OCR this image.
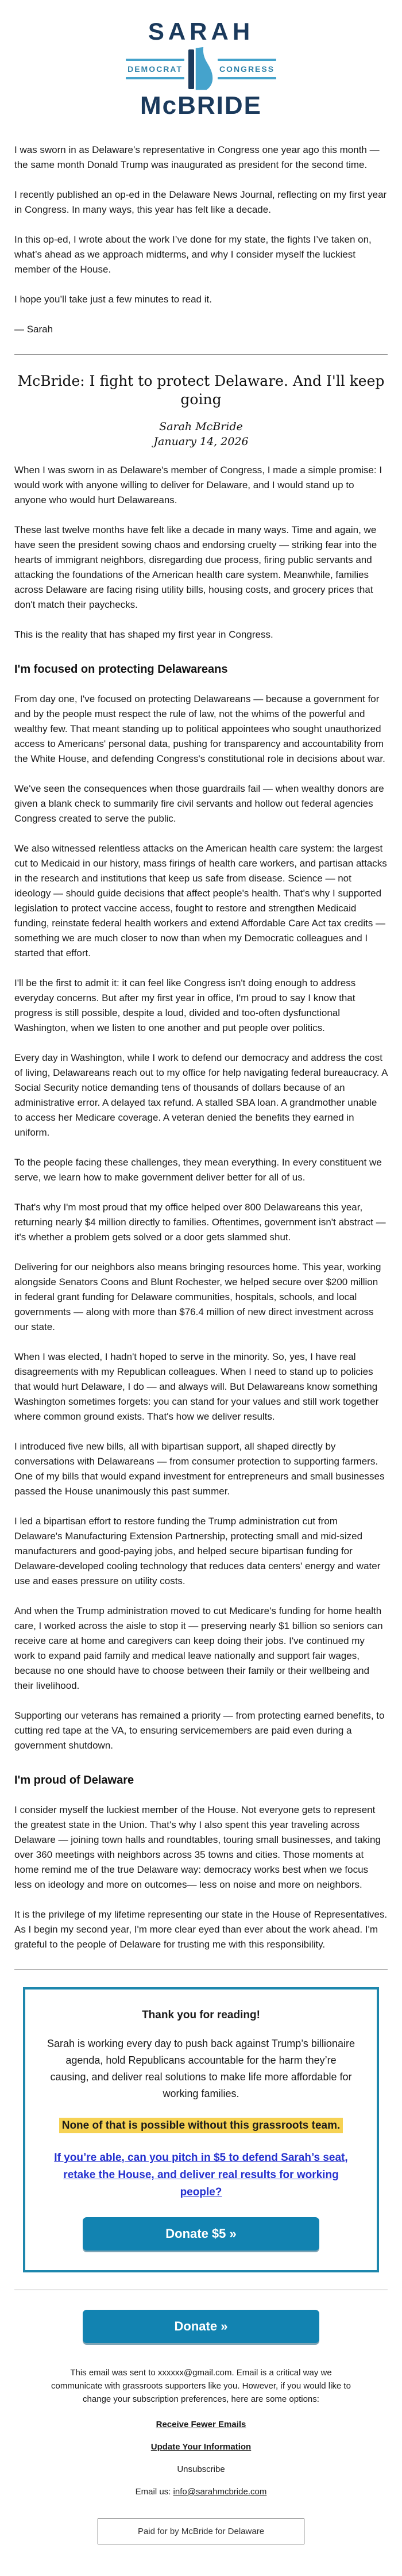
SARAH
DEMOCRAT	CONGRESS
McBRIDE

I was sworn in as Delaware’s representative in Congress one year ago this month — the same month Donald Trump was inaugurated as president for the second time.

I recently published an op-ed in the Delaware News Journal, reflecting on my first year in Congress. In many ways, this year has felt like a decade.

In this op-ed, I wrote about the work I’ve done for my state, the fights I’ve taken on, what’s ahead as we approach midterms, and why I consider myself the luckiest member of the House.

I hope you’ll take just a few minutes to read it.

— Sarah

McBride: I fight to protect Delaware. And I'll keep going
Sarah McBride
January 14, 2026

When I was sworn in as Delaware's member of Congress, I made a simple promise: I would work with anyone willing to deliver for Delaware, and I would stand up to anyone who would hurt Delawareans.

These last twelve months have felt like a decade in many ways. Time and again, we have seen the president sowing chaos and endorsing cruelty — striking fear into the hearts of immigrant neighbors, disregarding due process, firing public servants and attacking the foundations of the American health care system. Meanwhile, families across Delaware are facing rising utility bills, housing costs, and grocery prices that don't match their paychecks.

This is the reality that has shaped my first year in Congress.

I'm focused on protecting Delawareans

From day one, I've focused on protecting Delawareans — because a government for and by the people must respect the rule of law, not the whims of the powerful and wealthy few. That meant standing up to political appointees who sought unauthorized access to Americans' personal data, pushing for transparency and accountability from the White House, and defending Congress's constitutional role in decisions about war.

We've seen the consequences when those guardrails fail — when wealthy donors are given a blank check to summarily fire civil servants and hollow out federal agencies Congress created to serve the public.

We also witnessed relentless attacks on the American health care system: the largest cut to Medicaid in our history, mass firings of health care workers, and partisan attacks in the research and institutions that keep us safe from disease. Science — not ideology — should guide decisions that affect people's health. That's why I supported legislation to protect vaccine access, fought to restore and strengthen Medicaid funding, reinstate federal health workers and extend Affordable Care Act tax credits — something we are much closer to now than when my Democratic colleagues and I started that effort.

I'll be the first to admit it: it can feel like Congress isn't doing enough to address everyday concerns. But after my first year in office, I'm proud to say I know that progress is still possible, despite a loud, divided and too-often dysfunctional Washington, when we listen to one another and put people over politics.

Every day in Washington, while I work to defend our democracy and address the cost of living, Delawareans reach out to my office for help navigating federal bureaucracy. A Social Security notice demanding tens of thousands of dollars because of an administrative error. A delayed tax refund. A stalled SBA loan. A grandmother unable to access her Medicare coverage. A veteran denied the benefits they earned in uniform.

To the people facing these challenges, they mean everything. In every constituent we serve, we learn how to make government deliver better for all of us.

That's why I'm most proud that my office helped over 800 Delawareans this year, returning nearly $4 million directly to families. Oftentimes, government isn't abstract — it's whether a problem gets solved or a door gets slammed shut.

Delivering for our neighbors also means bringing resources home. This year, working alongside Senators Coons and Blunt Rochester, we helped secure over $200 million in federal grant funding for Delaware communities, hospitals, schools, and local governments — along with more than $76.4 million of new direct investment across our state.

When I was elected, I hadn't hoped to serve in the minority. So, yes, I have real disagreements with my Republican colleagues. When I need to stand up to policies that would hurt Delaware, I do — and always will. But Delawareans know something Washington sometimes forgets: you can stand for your values and still work together where common ground exists. That's how we deliver results.

I introduced five new bills, all with bipartisan support, all shaped directly by conversations with Delawareans — from consumer protection to supporting farmers. One of my bills that would expand investment for entrepreneurs and small businesses passed the House unanimously this past summer.

I led a bipartisan effort to restore funding the Trump administration cut from Delaware's Manufacturing Extension Partnership, protecting small and mid-sized manufacturers and good-paying jobs, and helped secure bipartisan funding for Delaware-developed cooling technology that reduces data centers' energy and water use and eases pressure on utility costs.

And when the Trump administration moved to cut Medicare's funding for home health care, I worked across the aisle to stop it — preserving nearly $1 billion so seniors can receive care at home and caregivers can keep doing their jobs. I've continued my work to expand paid family and medical leave nationally and support fair wages, because no one should have to choose between their family or their wellbeing and their livelihood.

Supporting our veterans has remained a priority — from protecting earned benefits, to cutting red tape at the VA, to ensuring servicemembers are paid even during a government shutdown.

I'm proud of Delaware

I consider myself the luckiest member of the House. Not everyone gets to represent the greatest state in the Union. That's why I also spent this year traveling across Delaware — joining town halls and roundtables, touring small businesses, and taking over 360 meetings with neighbors across 35 towns and cities. Those moments at home remind me of the true Delaware way: democracy works best when we focus less on ideology and more on outcomes— less on noise and more on neighbors.

It is the privilege of my lifetime representing our state in the House of Representatives. As I begin my second year, I'm more clear eyed than ever about the work ahead. I'm grateful to the people of Delaware for trusting me with this responsibility.

Thank you for reading!
Sarah is working every day to push back against Trump’s billionaire agenda, hold Republicans accountable for the harm they’re causing, and deliver real solutions to make life more affordable for working families.
None of that is possible without this grassroots team.
If you’re able, can you pitch in $5 to defend Sarah’s seat, retake the House, and deliver real results for working people?
Donate $5 »
Donate »
This email was sent to xxxxxx@gmail.com. Email is a critical way we communicate with grassroots supporters like you. However, if you would like to change your subscription preferences, here are some options:
Receive Fewer Emails
Update Your Information
Unsubscribe
Email us: info@sarahmcbride.com
Paid for by McBride for Delaware
